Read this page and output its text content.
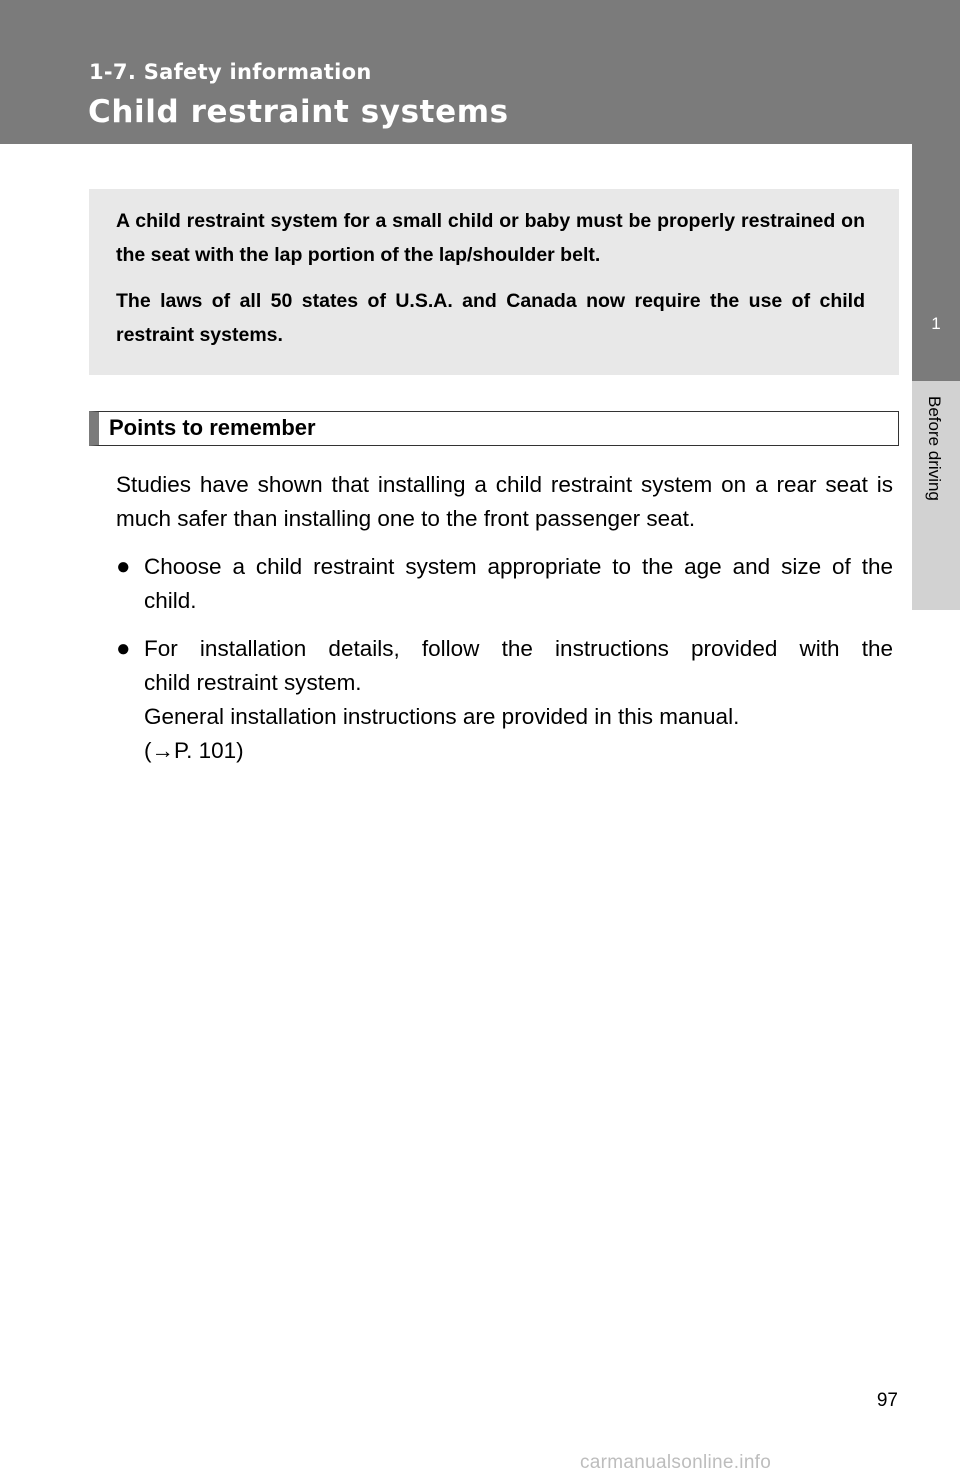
1-7. Safety information
Child restraint systems
1
Before driving

A child restraint system for a small child or baby must be properly restrained on the seat with the lap portion of the lap/shoulder belt.

The laws of all 50 states of U.S.A. and Canada now require the use of child restraint systems.

Points to remember

Studies have shown that installing a child restraint system on a rear seat is much safer than installing one to the front passenger seat.

● Choose a child restraint system appropriate to the age and size of the child.

● For installation details, follow the instructions provided with the
child restraint system.
General installation instructions are provided in this manual.
(→P. 101)
97
carmanualsonline.info
